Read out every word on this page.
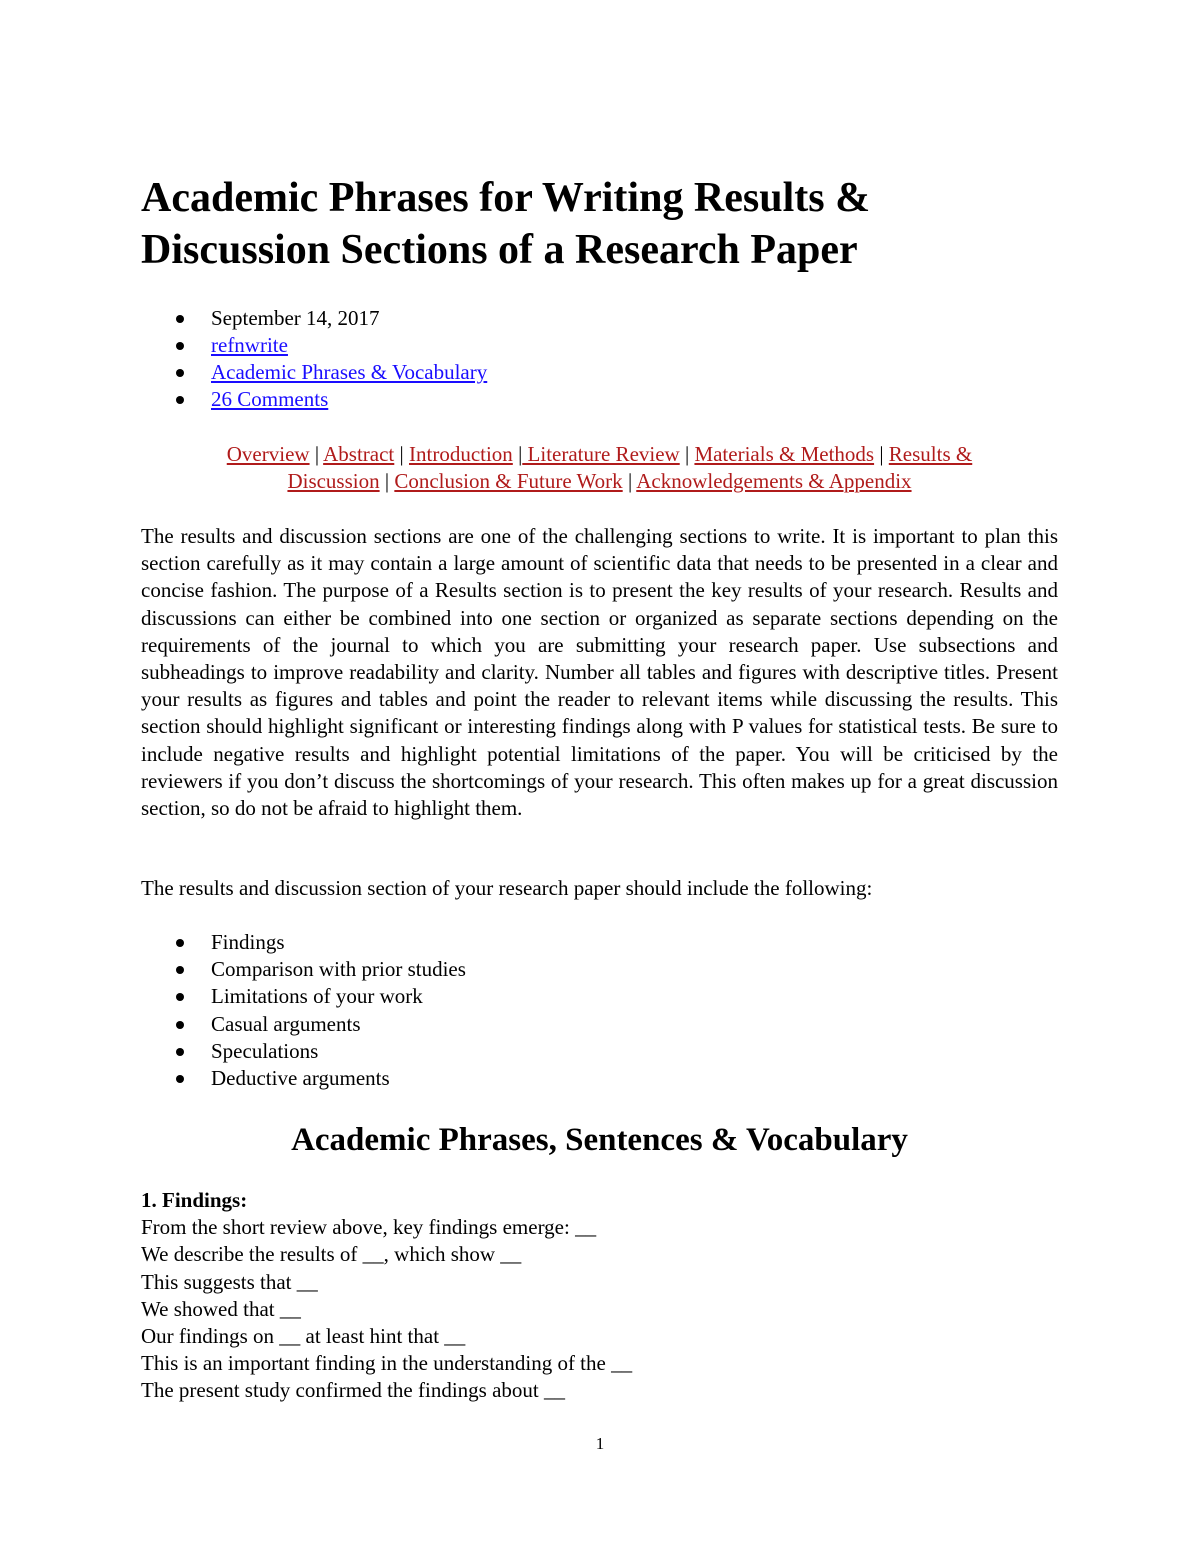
Academic Phrases for Writing Results &
Discussion Sections of a Research Paper
September 14, 2017
refnwrite
Academic Phrases & Vocabulary
26 Comments
Overview | Abstract | Introduction | Literature Review | Materials & Methods | Results &
Discussion | Conclusion & Future Work | Acknowledgements & Appendix

The results and discussion sections are one of the challenging sections to write. It is important to plan this section carefully as it may contain a large amount of scientific data that needs to be presented in a clear and concise fashion. The purpose of a Results section is to present the key results of your research. Results and discussions can either be combined into one section or organized as separate sections depending on the requirements of the journal to which you are submitting your research paper. Use subsections and subheadings to improve readability and clarity. Number all tables and figures with descriptive titles. Present your results as figures and tables and point the reader to relevant items while discussing the results. This section should highlight significant or interesting findings along with P values for statistical tests. Be sure to include negative results and highlight potential limitations of the paper. You will be criticised by the reviewers if you don’t discuss the shortcomings of your research. This often makes up for a great discussion section, so do not be afraid to highlight them.

The results and discussion section of your research paper should include the following:

Findings
Comparison with prior studies
Limitations of your work
Casual arguments
Speculations
Deductive arguments
Academic Phrases, Sentences & Vocabulary
1. Findings:
From the short review above, key findings emerge: __
We describe the results of __, which show __
This suggests that __
We showed that __
Our findings on __ at least hint that __
This is an important finding in the understanding of the __
The present study confirmed the findings about __
1
